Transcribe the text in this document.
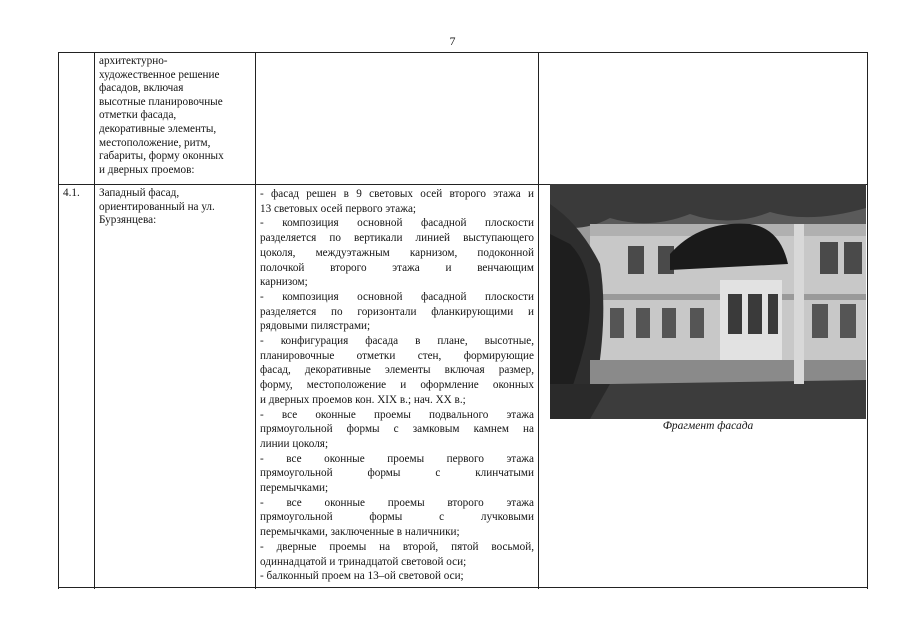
7
архитектурно-
художественное решение
фасадов, включая
высотные планировочные
отметки фасада,
декоративные элементы,
местоположение, ритм,
габариты, форму оконных
и дверных проемов:
4.1. Западный фасад,
ориентированный на ул.
Бурзянцева:
- фасад решен в 9 световых осей второго этажа и
13 световых осей первого этажа;
- композиция основной фасадной плоскости
разделяется по вертикали линией выступающего
цоколя, междуэтажным карнизом, подоконной
полочкой второго этажа и венчающим
карнизом;
- композиция основной фасадной плоскости
разделяется по горизонтали фланкирующими и
рядовыми пилястрами;
- конфигурация фасада в плане, высотные,
планировочные отметки стен, формирующие
фасад, декоративные элементы включая размер,
форму, местоположение и оформление оконных
и дверных проемов кон. XIX в.; нач. XX в.;
- все оконные проемы подвального этажа
прямоугольной формы с замковым камнем на
линии цоколя;
- все оконные проемы первого этажа
прямоугольной формы с клинчатыми
перемычками;
- все оконные проемы второго этажа
прямоугольной формы с лучковыми
перемычками, заключенные в наличники;
- дверные проемы на второй, пятой восьмой,
одиннадцатой и тринадцатой световой оси;
- балконный проем на 13–ой световой оси;
Фрагмент фасада
